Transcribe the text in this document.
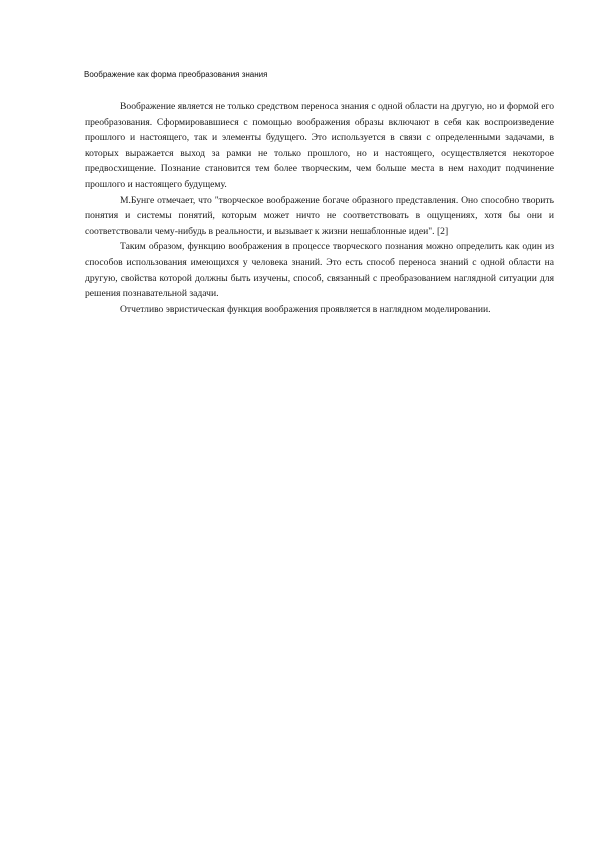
Воображение как форма преобразования знания

Воображение является не только средством переноса знания с одной области на другую, но и формой его преобразования. Сформировавшиеся с помощью воображения образы включают в себя как воспроизведение прошлого и настоящего, так и элементы будущего. Это используется в связи с определенными задачами, в которых выражается выход за рамки не только прошлого, но и настоящего, осуществляется некоторое предвосхищение. Познание становится тем более творческим, чем больше места в нем находит подчинение прошлого и настоящего будущему.

М.Бунге отмечает, что "творческое воображение богаче образного представления. Оно способно творить понятия и системы понятий, которым может ничто не соответствовать в ощущениях, хотя бы они и соответствовали чему-нибудь в реальности, и вызывает к жизни нешаблонные идеи". [2]

Таким образом, функцию воображения в процессе творческого познания можно определить как один из способов использования имеющихся у человека знаний. Это есть способ переноса знаний с одной области на другую, свойства которой должны быть изучены, способ, связанный с преобразованием наглядной ситуации для решения познавательной задачи.

Отчетливо эвристическая функция воображения проявляется в наглядном моделировании.
